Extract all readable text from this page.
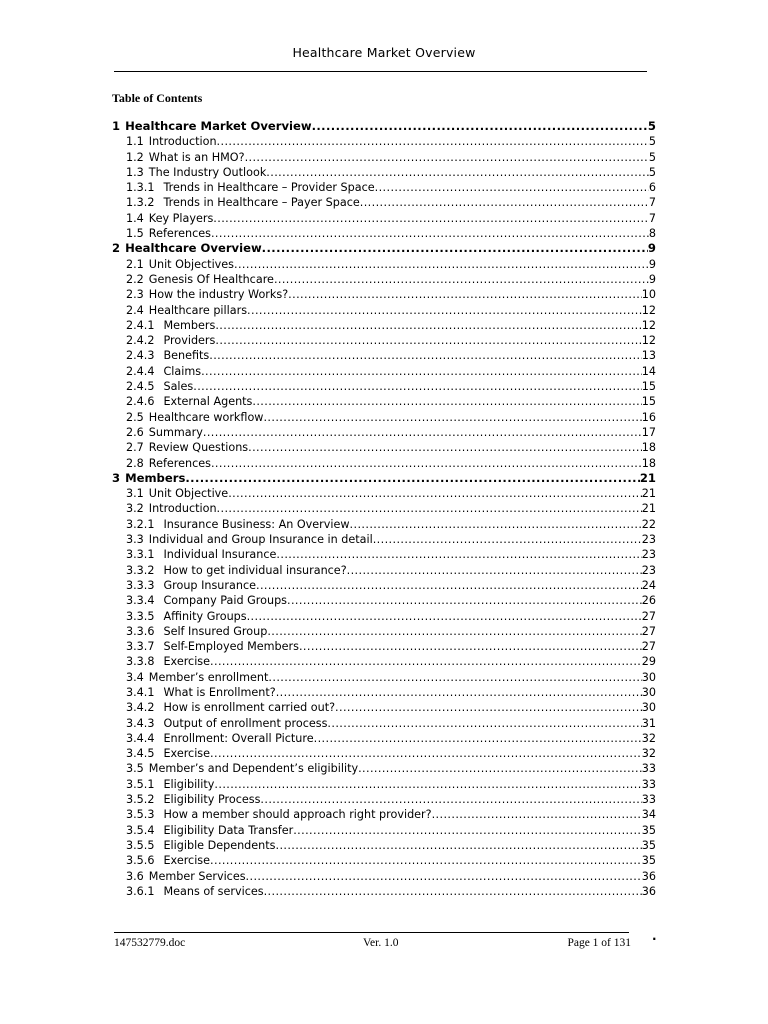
Healthcare Market Overview
Table of Contents
1 Healthcare Market Overview .....	5
1.1 Introduction .....	5
1.2 What is an HMO? .....	5
1.3 The Industry Outlook .....	5
1.3.1 Trends in Healthcare – Provider Space .....	6
1.3.2 Trends in Healthcare – Payer Space .....	7
1.4 Key Players .....	7
1.5 References .....	8
2 Healthcare Overview .....	9
2.1 Unit Objectives .....	9
2.2 Genesis Of Healthcare .....	9
2.3 How the industry Works? .....	10
2.4 Healthcare pillars .....	12
2.4.1 Members .....	12
2.4.2 Providers .....	12
2.4.3 Benefits .....	13
2.4.4 Claims .....	14
2.4.5 Sales .....	15
2.4.6 External Agents .....	15
2.5 Healthcare workflow .....	16
2.6 Summary .....	17
2.7 Review Questions .....	18
2.8 References .....	18
3 Members .....	21
3.1 Unit Objective .....	21
3.2 Introduction .....	21
3.2.1 Insurance Business: An Overview .....	22
3.3 Individual and Group Insurance in detail .....	23
3.3.1 Individual Insurance .....	23
3.3.2 How to get individual insurance? .....	23
3.3.3 Group Insurance .....	24
3.3.4 Company Paid Groups .....	26
3.3.5 Affinity Groups .....	27
3.3.6 Self Insured Group .....	27
3.3.7 Self-Employed Members .....	27
3.3.8 Exercise .....	29
3.4 Member’s enrollment .....	30
3.4.1 What is Enrollment? .....	30
3.4.2 How is enrollment carried out? .....	30
3.4.3 Output of enrollment process .....	31
3.4.4 Enrollment: Overall Picture .....	32
3.4.5 Exercise .....	32
3.5 Member’s and Dependent’s eligibility .....	33
3.5.1 Eligibility .....	33
3.5.2 Eligibility Process .....	33
3.5.3 How a member should approach right provider? .....	34
3.5.4 Eligibility Data Transfer .....	35
3.5.5 Eligible Dependents .....	35
3.5.6 Exercise .....	35
3.6 Member Services .....	36
3.6.1 Means of services .....	36
147532779.doc	Ver. 1.0	Page 1 of 131 .
